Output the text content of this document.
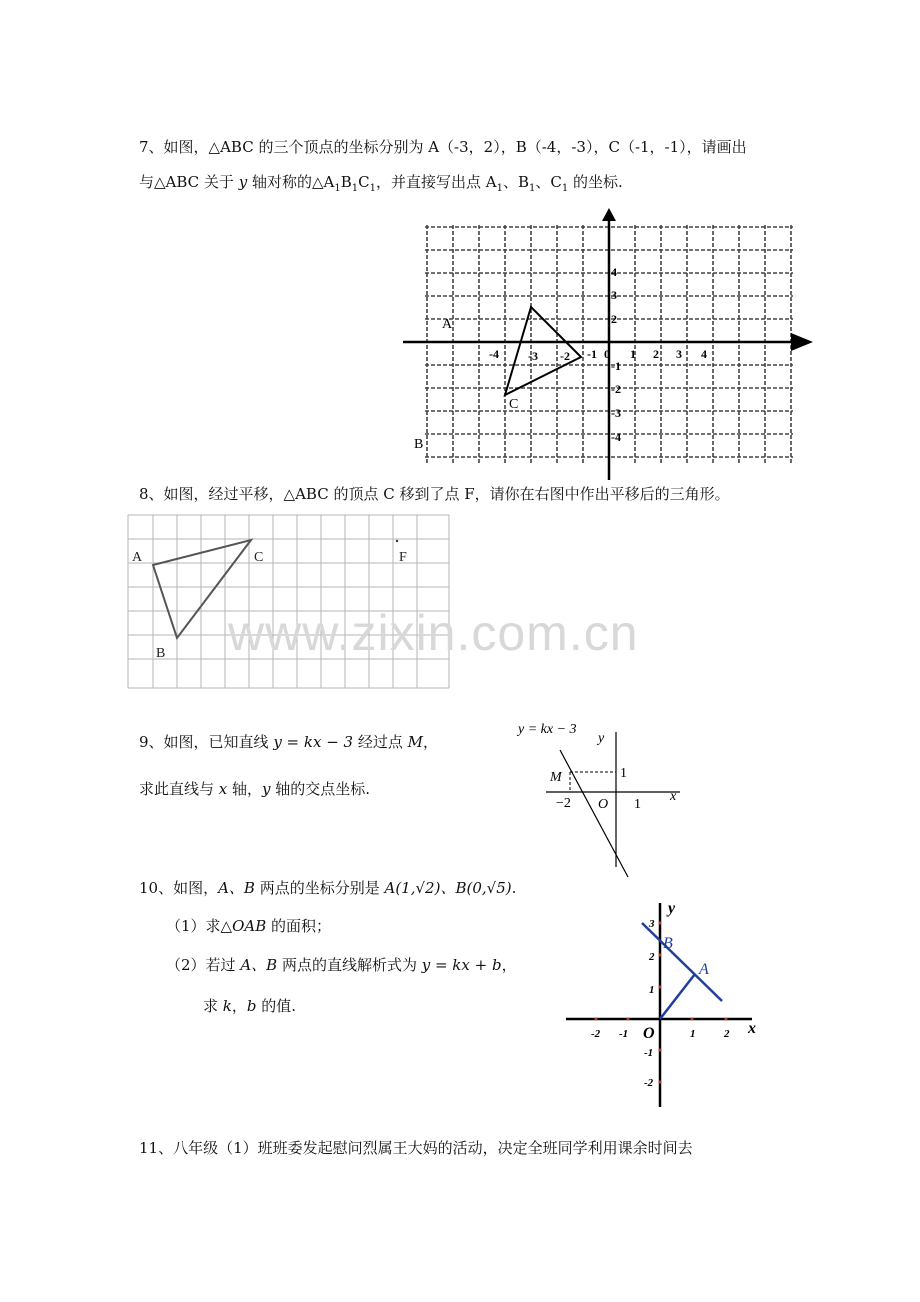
7、如图，△ABC 的三个顶点的坐标分别为 A（-3，2），B（-4，-3），C（-1，-1），请画出
与△ABC 关于 y 轴对称的$\triangle A_1B_1C_1$，并直接写出点 $A_1$、$B_1$、$C_1$ 的坐标.
-4 -3 -2 -1 0 1 2 3 4
4
3
2
-1
-2
-3
-4
A
C
B
8、如图，经过平移，△ABC 的顶点 C 移到了点 F，请你在右图中作出平移后的三角形。
A	C
B
F
www.zixin.com.cn
9、如图，已知直线 y = kx − 3 经过点 M，
求此直线与 x 轴，y 轴的交点坐标.
y = kx − 3
y
x
M	1
−2 O 1
10、如图，A、B 两点的坐标分别是 A(1,√2)、B(0,√5).
（1）求△OAB 的面积；
（2）若过 A、B 两点的直线解析式为 y = kx + b，
求 k，b 的值.
y
x
O
B
A
3
2
1
-1
-2
-2 -1	1	2
11、八年级（1）班班委发起慰问烈属王大妈的活动，决定全班同学利用课余时间去
